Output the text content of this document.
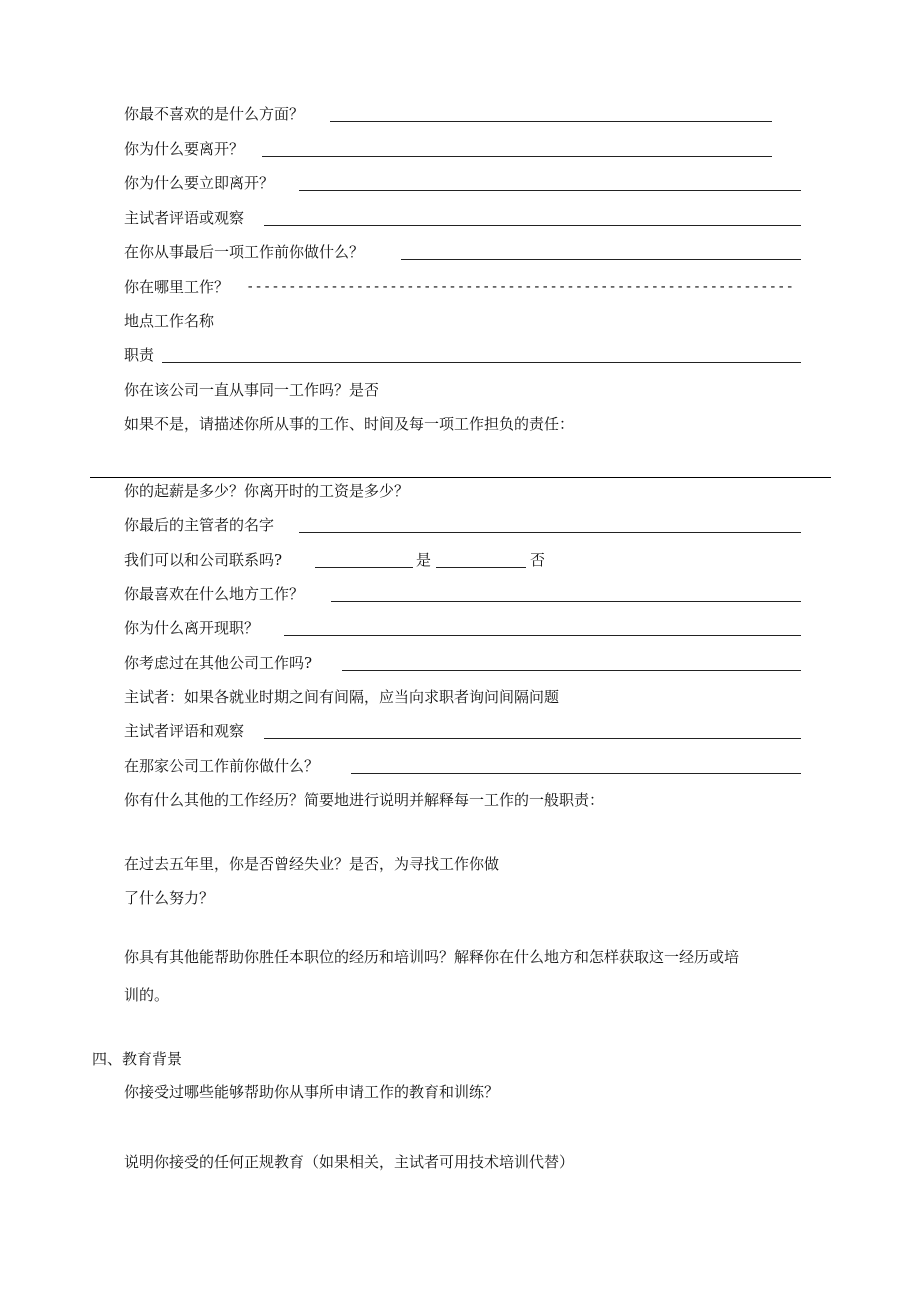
你最不喜欢的是什么方面？
你为什么要离开？
你为什么要立即离开？
主试者评语或观察
在你从事最后一项工作前你做什么？
你在哪里工作？ -----------------------------------------------------------------
地点工作名称
职责
你在该公司一直从事同一工作吗？是否
如果不是，请描述你所从事的工作、时间及每一项工作担负的责任：
你的起薪是多少？你离开时的工资是多少？
你最后的主管者的名字
我们可以和公司联系吗?	是	否
你最喜欢在什么地方工作？
你为什么离开现职？
你考虑过在其他公司工作吗?
主试者：如果各就业时期之间有间隔，应当向求职者询问间隔问题
主试者评语和观察
在那家公司工作前你做什么？
你有什么其他的工作经历？简要地进行说明并解释每一工作的一般职责：
在过去五年里，你是否曾经失业？是否，为寻找工作你做
了什么努力？
你具有其他能帮助你胜任本职位的经历和培训吗？解释你在什么地方和怎样获取这一经历或培
训的。
四、教育背景
你接受过哪些能够帮助你从事所申请工作的教育和训练？
说明你接受的任何正规教育（如果相关，主试者可用技术培训代替）
